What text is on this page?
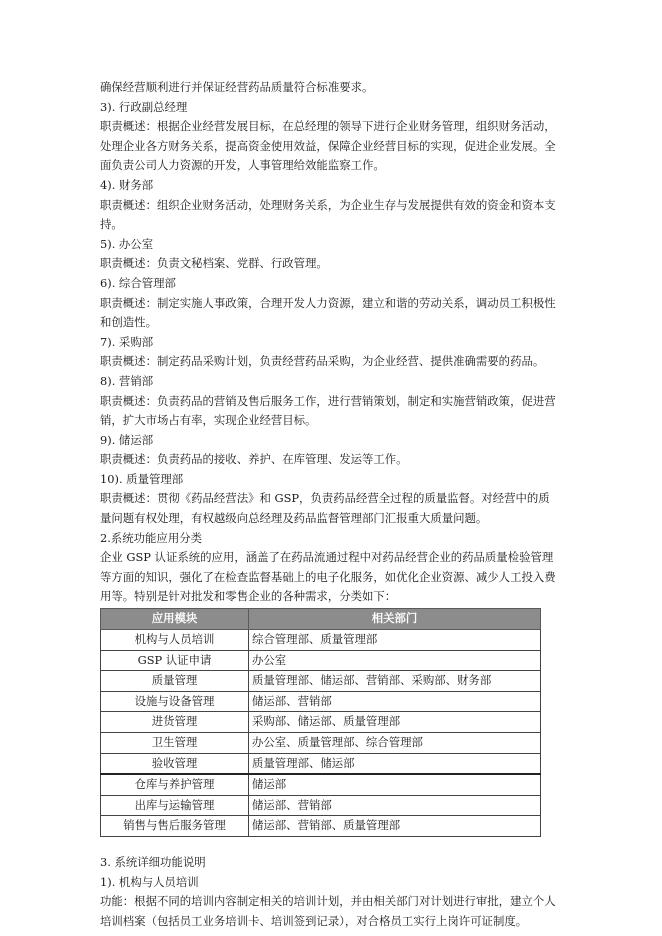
确保经营顺利进行并保证经营药品质量符合标准要求。
3). 行政副总经理
职责概述：根据企业经营发展目标，在总经理的领导下进行企业财务管理，组织财务活动，
处理企业各方财务关系，提高资金使用效益，保障企业经营目标的实现，促进企业发展。全
面负责公司人力资源的开发，人事管理给效能监察工作。
4). 财务部
职责概述：组织企业财务活动，处理财务关系，为企业生存与发展提供有效的资金和资本支
持。
5). 办公室
职责概述：负责文秘档案、党群、行政管理。
6). 综合管理部
职责概述：制定实施人事政策，合理开发人力资源，建立和谐的劳动关系，调动员工积极性
和创造性。
7). 采购部
职责概述：制定药品采购计划，负责经营药品采购，为企业经营、提供准确需要的药品。
8). 营销部
职责概述：负责药品的营销及售后服务工作，进行营销策划，制定和实施营销政策，促进营
销，扩大市场占有率，实现企业经营目标。
9). 储运部
职责概述：负责药品的接收、养护、在库管理、发运等工作。
10). 质量管理部
职责概述：贯彻《药品经营法》和 GSP，负责药品经营全过程的质量监督。对经营中的质
量问题有权处理，有权越级向总经理及药品监督管理部门汇报重大质量问题。
2.系统功能应用分类
企业 GSP 认证系统的应用，涵盖了在药品流通过程中对药品经营企业的药品质量检验管理
等方面的知识，强化了在检查监督基础上的电子化服务，如优化企业资源、减少人工投入费
用等。特别是针对批发和零售企业的各种需求，分类如下：
应用模块	相关部门
机构与人员培训	综合管理部、质量管理部
GSP 认证申请	办公室
质量管理	质量管理部、储运部、营销部、采购部、财务部
设施与设备管理	储运部、营销部
进货管理	采购部、储运部、质量管理部
卫生管理	办公室、质量管理部、综合管理部
验收管理	质量管理部、储运部
仓库与养护管理	储运部
出库与运输管理	储运部、营销部
销售与售后服务管理	储运部、营销部、质量管理部
3. 系统详细功能说明
1). 机构与人员培训
功能：根据不同的培训内容制定相关的培训计划，并由相关部门对计划进行审批，建立个人
培训档案（包括员工业务培训卡、培训签到记录），对合格员工实行上岗许可证制度。
